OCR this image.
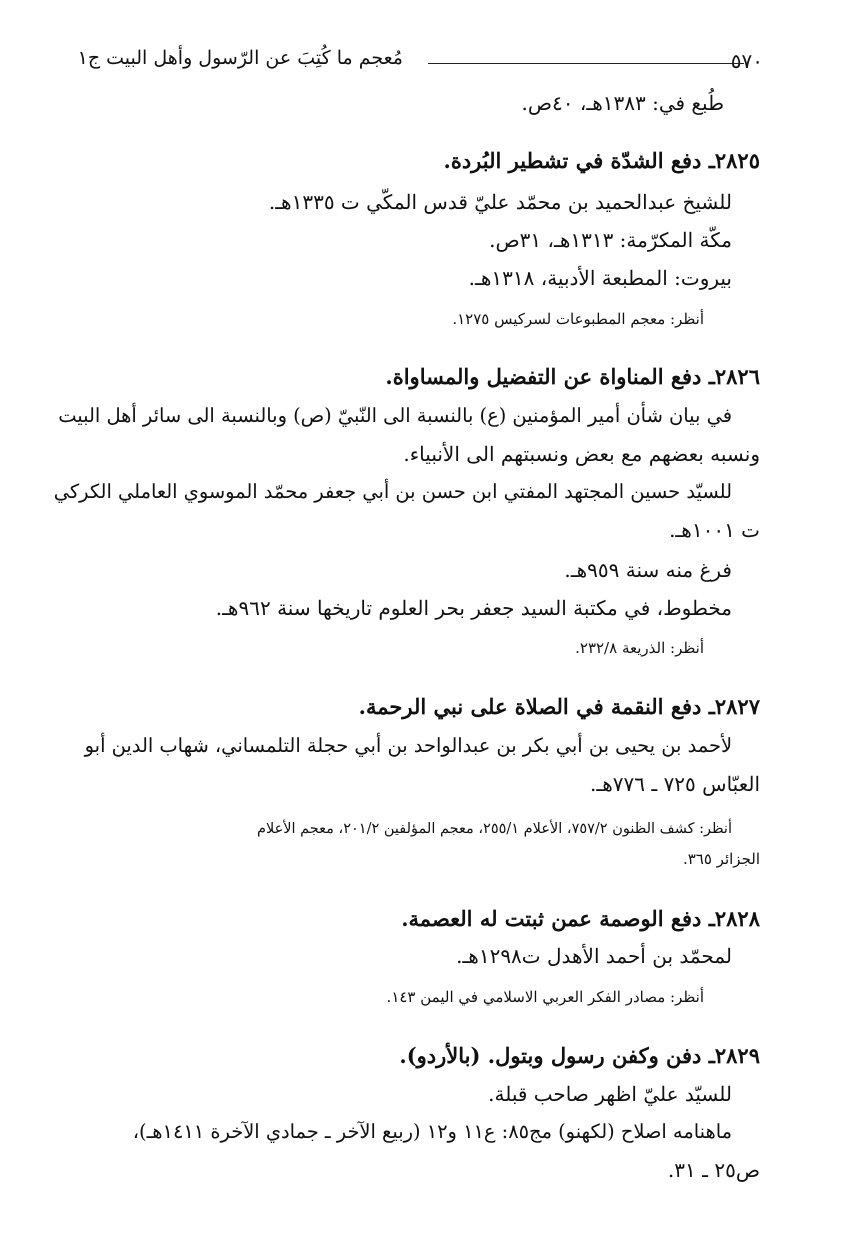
٥٧٠
مُعجم ما كُتِبَ عن الرّسول وأهل البيت ج١
طُبع في: ١٣٨٣هـ، ٤٠ص.
٢٨٢٥ـ دفع الشدّة في تشطير البُردة.
للشيخ عبدالحميد بن محمّد عليّ قدس المكّي ت ١٣٣٥هـ.
مكّة المكرّمة: ١٣١٣هـ، ٣١ص.
بيروت: المطبعة الأدبية، ١٣١٨هـ.
أنظر: معجم المطبوعات لسركيس ١٢٧٥.
٢٨٢٦ـ دفع المناواة عن التفضيل والمساواة.
في بيان شأن أمير المؤمنين (ع) بالنسبة الى النّبيّ (ص) وبالنسبة الى سائر أهل البيت
ونسبه بعضهم مع بعض ونسبتهم الى الأنبياء.
للسيّد حسين المجتهد المفتي ابن حسن بن أبي جعفر محمّد الموسوي العاملي الكركي
ت ١٠٠١هـ.
فرغ منه سنة ٩٥٩هـ.
مخطوط، في مكتبة السيد جعفر بحر العلوم تاريخها سنة ٩٦٢هـ.
أنظر: الذريعة ٢٣٢/٨.
٢٨٢٧ـ دفع النقمة في الصلاة على نبي الرحمة.
لأحمد بن يحيى بن أبي بكر بن عبدالواحد بن أبي حجلة التلمساني، شهاب الدين أبو
العبّاس ٧٢٥ ـ ٧٧٦هـ.
أنظر: كشف الظنون ٧٥٧/٢، الأعلام ٢٥٥/١، معجم المؤلفين ٢٠١/٢، معجم الأعلام
الجزائر ٣٦٥.
٢٨٢٨ـ دفع الوصمة عمن ثبتت له العصمة.
لمحمّد بن أحمد الأهدل ت١٢٩٨هـ.
أنظر: مصادر الفكر العربي الاسلامي في اليمن ١٤٣.
٢٨٢٩ـ دفن وكفن رسول وبتول. (بالأردو).
للسيّد عليّ اظهر صاحب قبلة.
ماهنامه اصلاح (لكهنو) مج٨٥: ع١١ و١٢ (ربيع الآخر ـ جمادي الآخرة ١٤١١هـ)،
ص٢٥ ـ ٣١.
